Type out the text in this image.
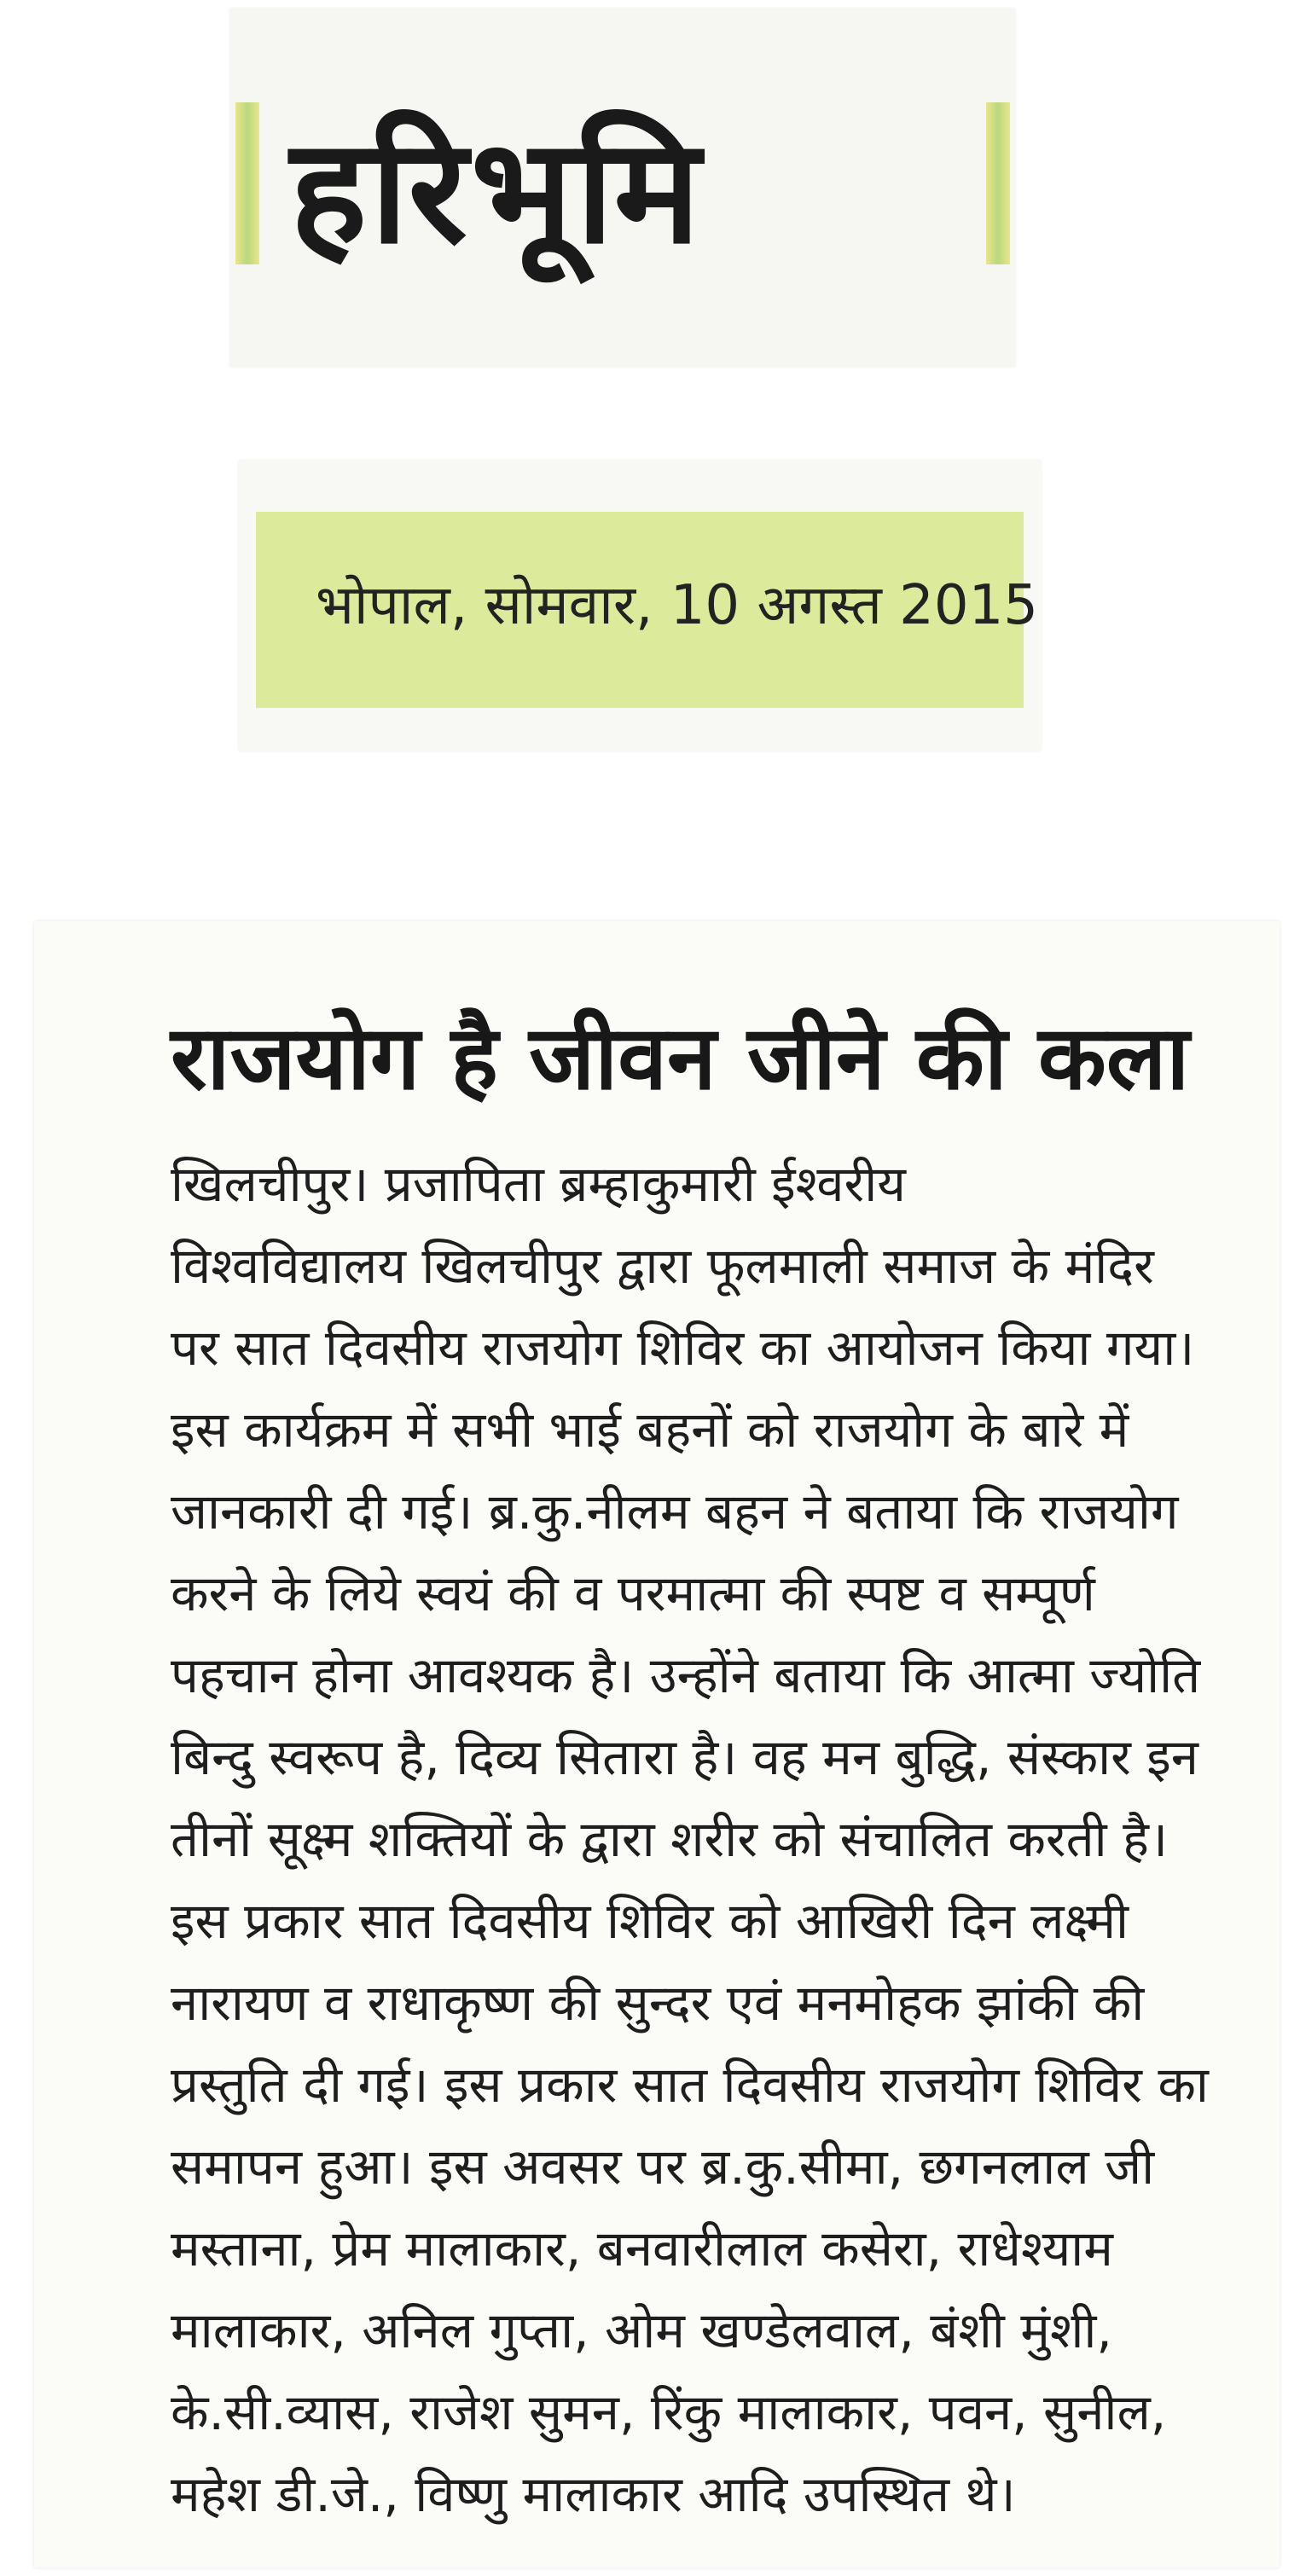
हरिभूमि
भोपाल, सोमवार, 10 अगस्त 2015
राजयोग है जीवन जीने की कला
खिलचीपुर। प्रजापिता ब्रम्हाकुमारी ईश्वरीय
विश्वविद्यालय खिलचीपुर द्वारा फूलमाली समाज के मंदिर
पर सात दिवसीय राजयोग शिविर का आयोजन किया गया।
इस कार्यक्रम में सभी भाई बहनों को राजयोग के बारे में
जानकारी दी गई। ब्र.कु.नीलम बहन ने बताया कि राजयोग
करने के लिये स्वयं की व परमात्मा की स्पष्ट व सम्पूर्ण
पहचान होना आवश्यक है। उन्होंने बताया कि आत्मा ज्योति
बिन्दु स्वरूप है, दिव्य सितारा है। वह मन बुद्धि, संस्कार इन
तीनों सूक्ष्म शक्तियों के द्वारा शरीर को संचालित करती है।
इस प्रकार सात दिवसीय शिविर को आखिरी दिन लक्ष्मी
नारायण व राधाकृष्ण की सुन्दर एवं मनमोहक झांकी की
प्रस्तुति दी गई। इस प्रकार सात दिवसीय राजयोग शिविर का
समापन हुआ। इस अवसर पर ब्र.कु.सीमा, छगनलाल जी
मस्ताना, प्रेम मालाकार, बनवारीलाल कसेरा, राधेश्याम
मालाकार, अनिल गुप्ता, ओम खण्डेलवाल, बंशी मुंशी,
के.सी.व्यास, राजेश सुमन, रिंकु मालाकार, पवन, सुनील,
महेश डी.जे., विष्णु मालाकार आदि उपस्थित थे।
